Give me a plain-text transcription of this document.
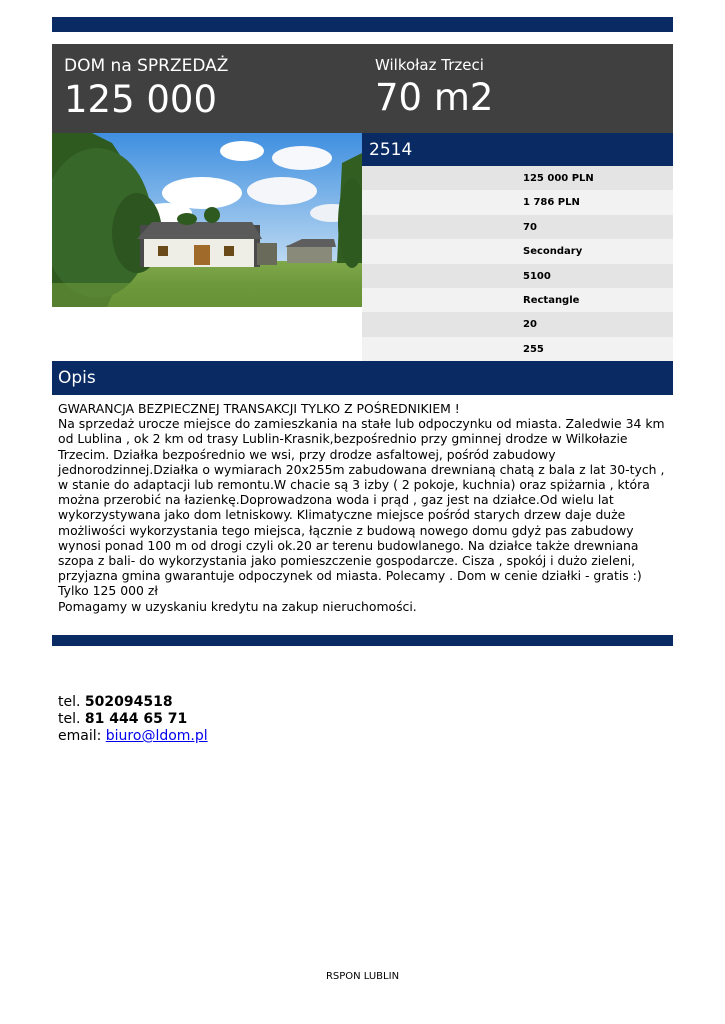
DOM na SPRZEDAŻ
125 000
Wilkołaz Trzeci
70 m2
2514
125 000 PLN
1 786 PLN
70
Secondary
5100
Rectangle
20
255
Opis

GWARANCJA BEZPIECZNEJ TRANSAKCJI TYLKO Z POŚREDNIKIEM !

Na sprzedaż urocze miejsce do zamieszkania na stałe lub odpoczynku od miasta. Zaledwie 34 km od Lublina , ok 2 km od trasy Lublin-Krasnik,bezpośrednio przy gminnej drodze w Wilkołazie Trzecim. Działka bezpośrednio we wsi, przy drodze asfaltowej, pośród zabudowy jednorodzinnej.Działka o wymiarach 20x255m zabudowana drewnianą chatą z bala z lat 30-tych , w stanie do adaptacji lub remontu.W chacie są 3 izby ( 2 pokoje, kuchnia) oraz spiżarnia , która można przerobić na łazienkę.Doprowadzona woda i prąd , gaz jest na działce.Od wielu lat wykorzystywana jako dom letniskowy. Klimatyczne miejsce pośród starych drzew daje duże możliwości wykorzystania tego miejsca, łącznie z budową nowego domu gdyż pas zabudowy wynosi ponad 100 m od drogi czyli ok.20 ar terenu budowlanego. Na działce także drewniana szopa z bali- do wykorzystania jako pomieszczenie gospodarcze. Cisza , spokój i dużo zieleni, przyjazna gmina gwarantuje odpoczynek od miasta. Polecamy . Dom w cenie działki - gratis :)

Tylko 125 000 zł

Pomagamy w uzyskaniu kredytu na zakup nieruchomości.

tel. 502094518
tel. 81 444 65 71
email: biuro@ldom.pl
RSPON LUBLIN
